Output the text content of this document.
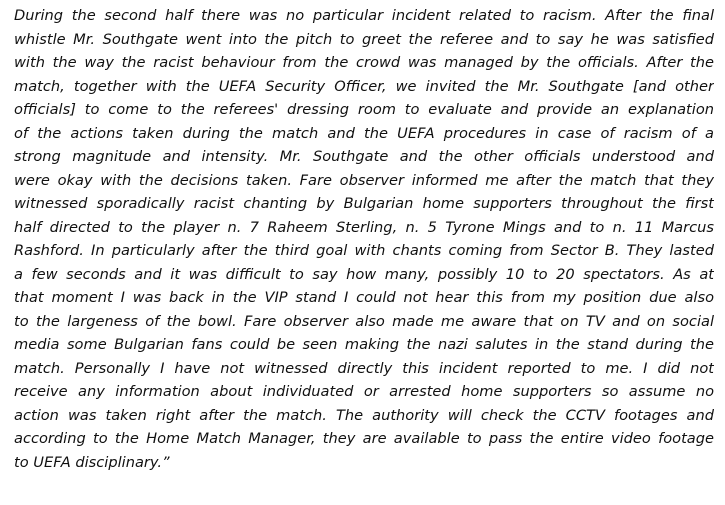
During the second half there was no particular incident related to racism. After the final
whistle Mr. Southgate went into the pitch to greet the referee and to say he was satisfied
with the way the racist behaviour from the crowd was managed by the officials. After the
match, together with the UEFA Security Officer, we invited the Mr. Southgate [and other
officials] to come to the referees' dressing room to evaluate and provide an explanation
of the actions taken during the match and the UEFA procedures in case of racism of a
strong magnitude and intensity. Mr. Southgate and the other officials understood and
were okay with the decisions taken. Fare observer informed me after the match that they
witnessed sporadically racist chanting by Bulgarian home supporters throughout the first
half directed to the player n. 7 Raheem Sterling, n. 5 Tyrone Mings and to n. 11 Marcus
Rashford. In particularly after the third goal with chants coming from Sector B. They lasted
a few seconds and it was difficult to say how many, possibly 10 to 20 spectators. As at
that moment I was back in the VIP stand I could not hear this from my position due also
to the largeness of the bowl. Fare observer also made me aware that on TV and on social
media some Bulgarian fans could be seen making the nazi salutes in the stand during the
match. Personally I have not witnessed directly this incident reported to me. I did not
receive any information about individuated or arrested home supporters so assume no
action was taken right after the match. The authority will check the CCTV footages and
according to the Home Match Manager, they are available to pass the entire video footage
to UEFA disciplinary.”
